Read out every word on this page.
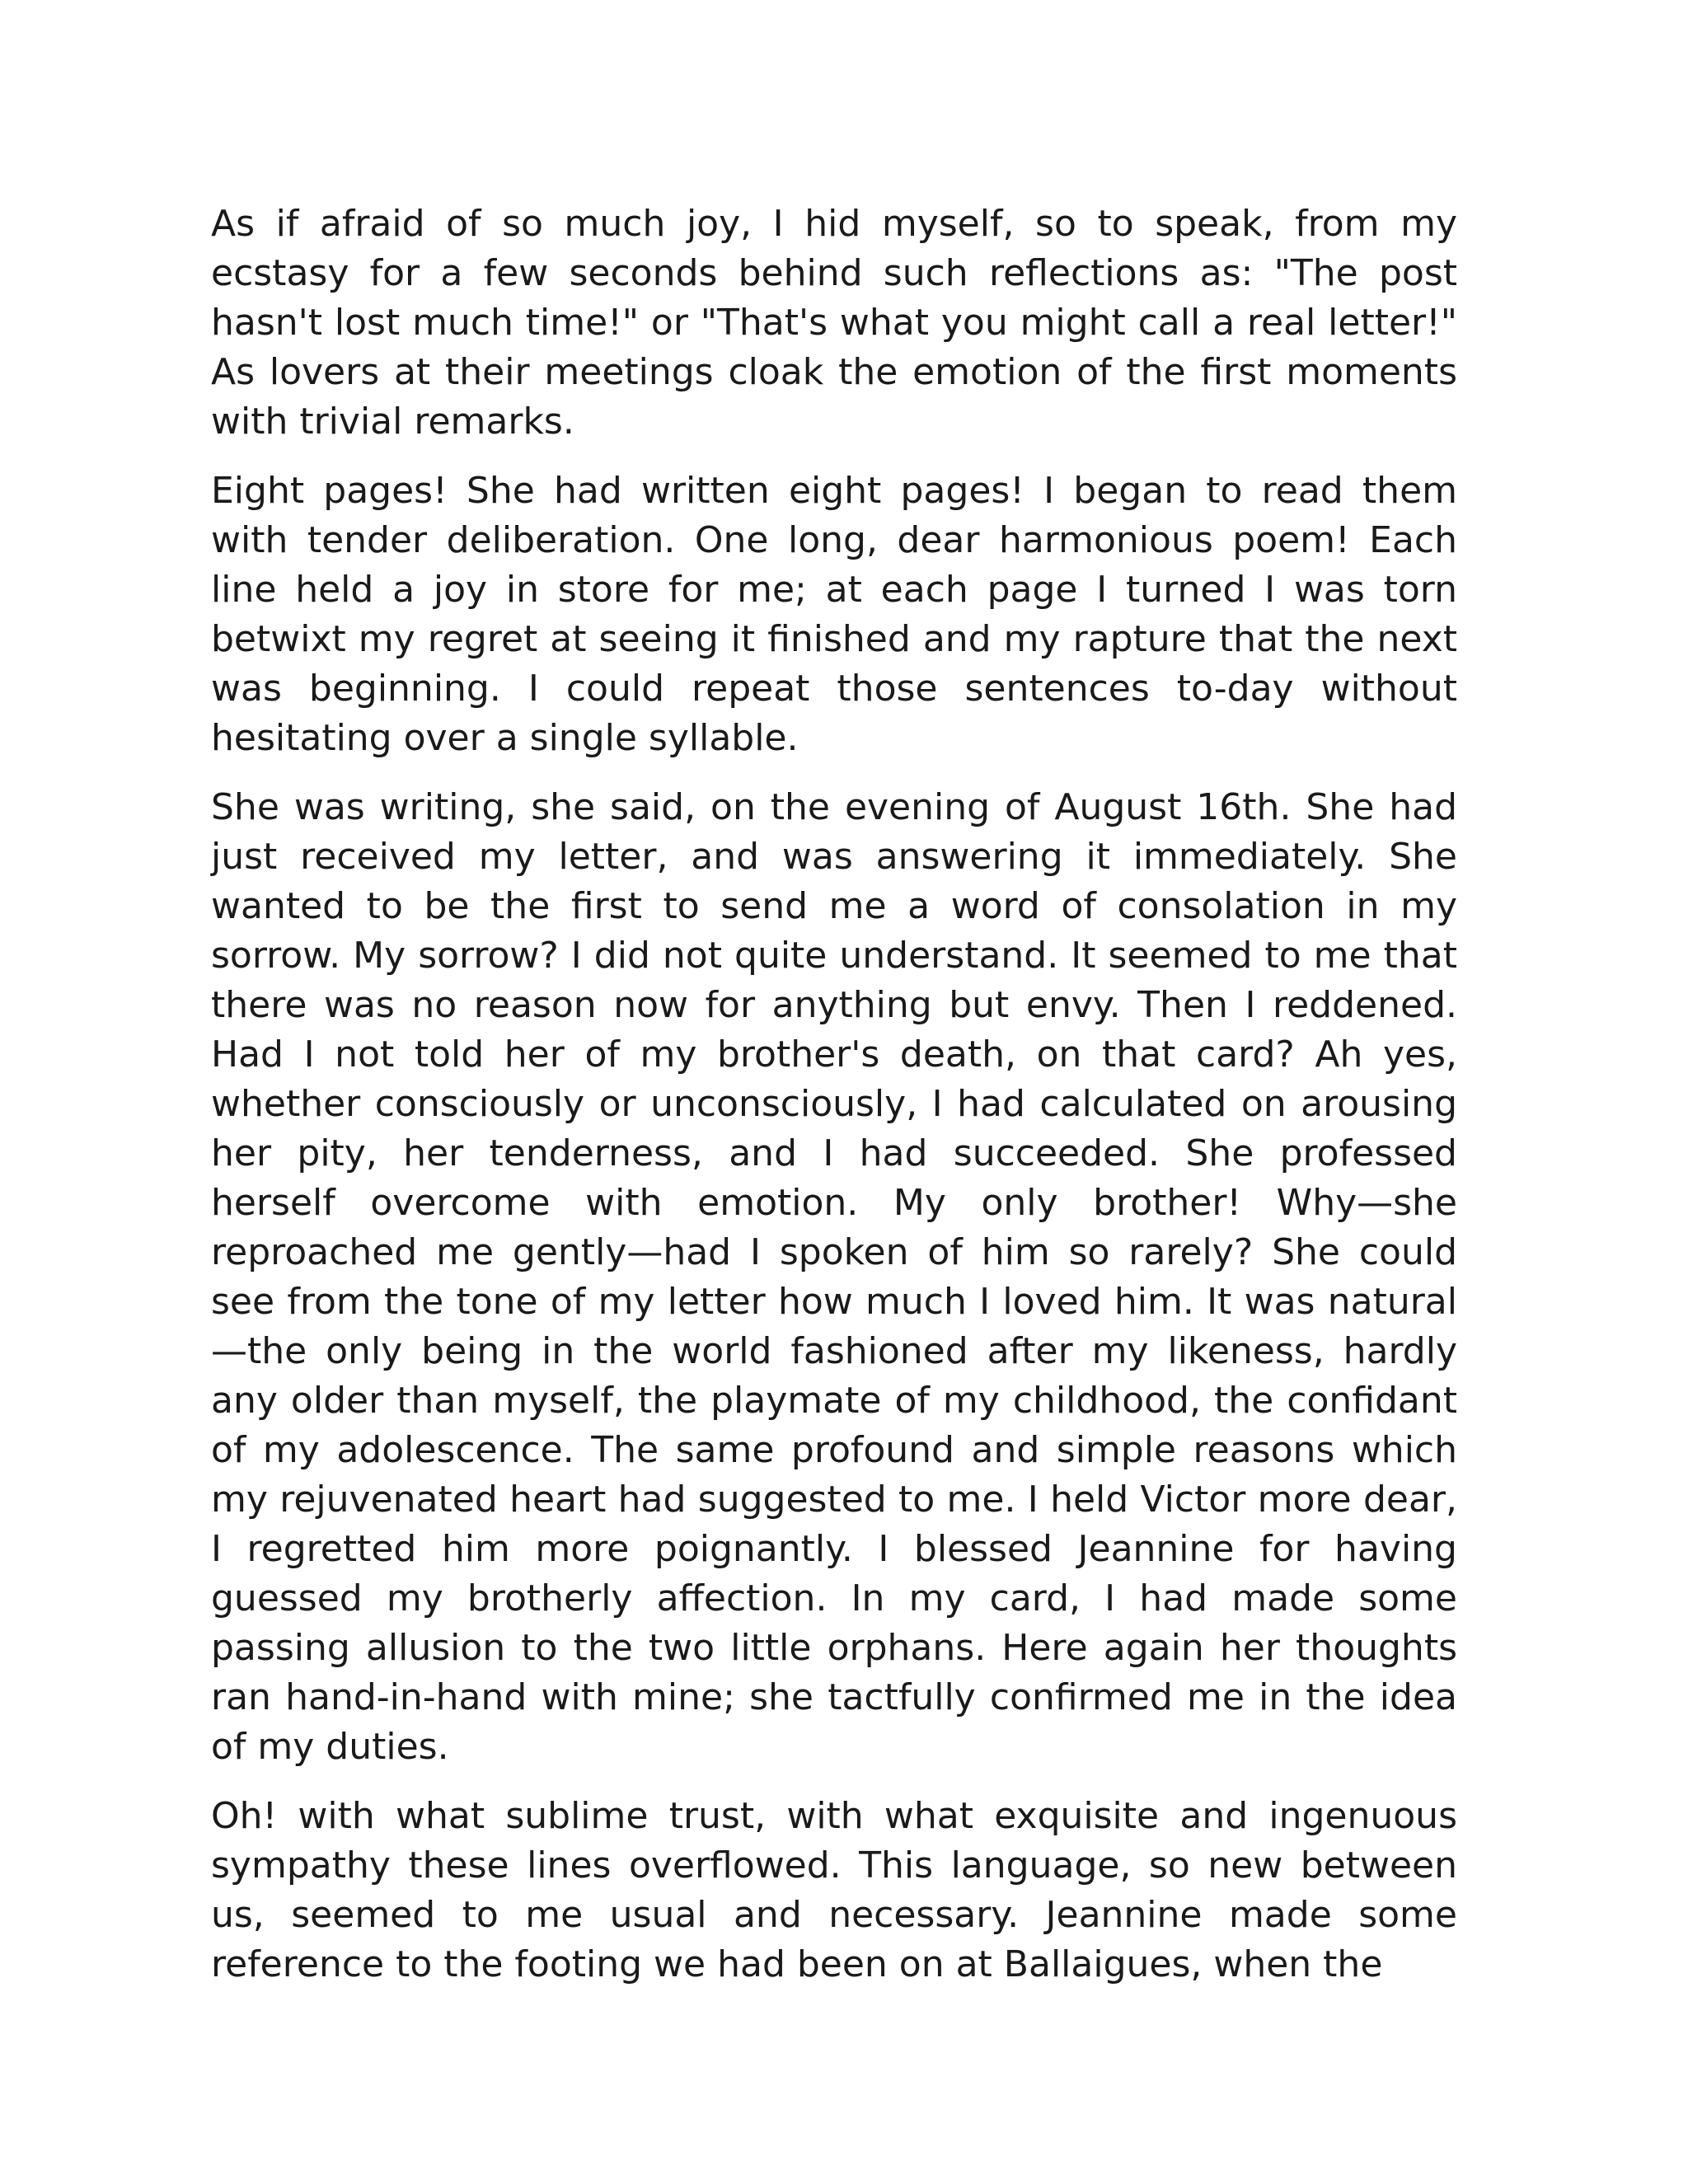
As if afraid of so much joy, I hid myself, so to speak, from my ecstasy for a few seconds behind such reflections as: "The post hasn't lost much time!" or "That's what you might call a real letter!" As lovers at their meetings cloak the emotion of the first moments with trivial remarks.

Eight pages! She had written eight pages! I began to read them with tender deliberation. One long, dear harmonious poem! Each line held a joy in store for me; at each page I turned I was torn betwixt my regret at seeing it finished and my rapture that the next was beginning. I could repeat those sentences to-day without hesitating over a single syllable.

She was writing, she said, on the evening of August 16th. She had just received my letter, and was answering it immediately. She wanted to be the first to send me a word of consolation in my sorrow. My sorrow? I did not quite understand. It seemed to me that there was no reason now for anything but envy. Then I reddened. Had I not told her of my brother's death, on that card? Ah yes, whether consciously or unconsciously, I had calculated on arousing her pity, her tenderness, and I had succeeded. She professed herself overcome with emotion. My only brother! Why—she reproached me gently—had I spoken of him so rarely? She could see from the tone of my letter how much I loved him. It was natural—the only being in the world fashioned after my likeness, hardly any older than myself, the playmate of my childhood, the confidant of my adolescence. The same profound and simple reasons which my rejuvenated heart had suggested to me. I held Victor more dear, I regretted him more poignantly. I blessed Jeannine for having guessed my brotherly affection. In my card, I had made some passing allusion to the two little orphans. Here again her thoughts ran hand-in-hand with mine; she tactfully confirmed me in the idea of my duties.

Oh! with what sublime trust, with what exquisite and ingenuous sympathy these lines overflowed. This language, so new between us, seemed to me usual and necessary. Jeannine made some reference to the footing we had been on at Ballaigues, when the
